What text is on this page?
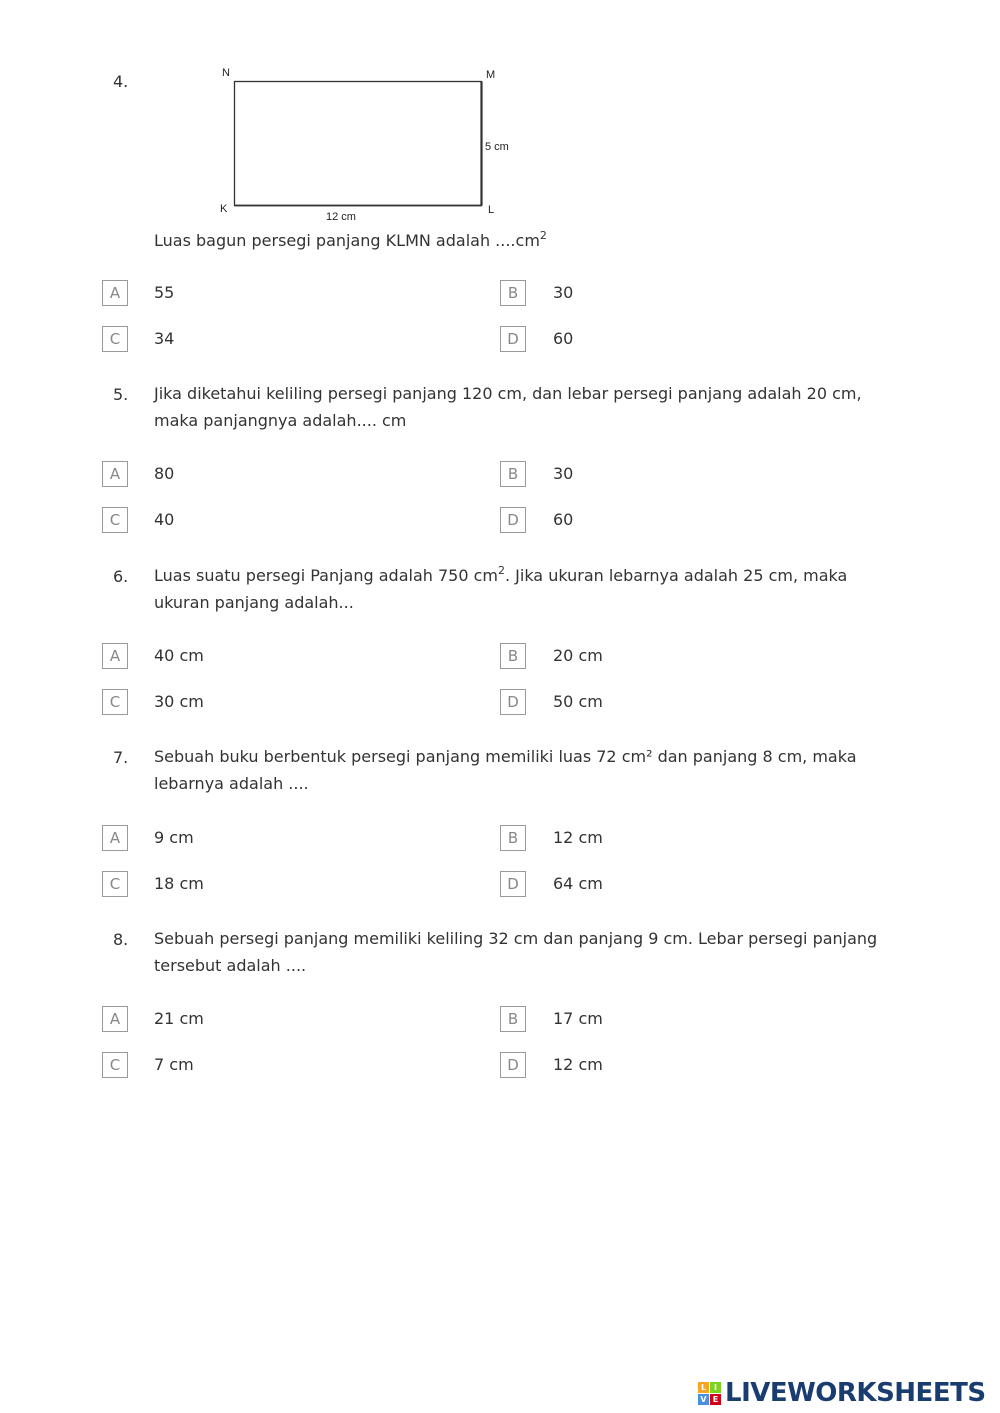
4.	N	M
K	L
5 cm
12 cm
Luas bagun persegi panjang KLMN adalah $....cm^2$
A	55	B	30
C	34	D	60
5. Jika diketahui keliling persegi panjang 120 cm, dan lebar persegi panjang adalah 20 cm,
maka panjangnya adalah.... cm
A	80	B	30
C	40	D	60
6. Luas suatu persegi Panjang adalah 750 $cm^2$. Jika ukuran lebarnya adalah 25 cm, maka
ukuran panjang adalah...
A	40 cm	B	20 cm
C	30 cm	D	50 cm
7. Sebuah buku berbentuk persegi panjang memiliki luas 72 cm² dan panjang 8 cm, maka
lebarnya adalah ....
A	9 cm	B	12 cm
C	18 cm	D	64 cm
8. Sebuah persegi panjang memiliki keliling 32 cm dan panjang 9 cm. Lebar persegi panjang
tersebut adalah ....
A	21 cm	B	17 cm
C	7 cm	D	12 cm
L I
V E LIVEWORKSHEETS
